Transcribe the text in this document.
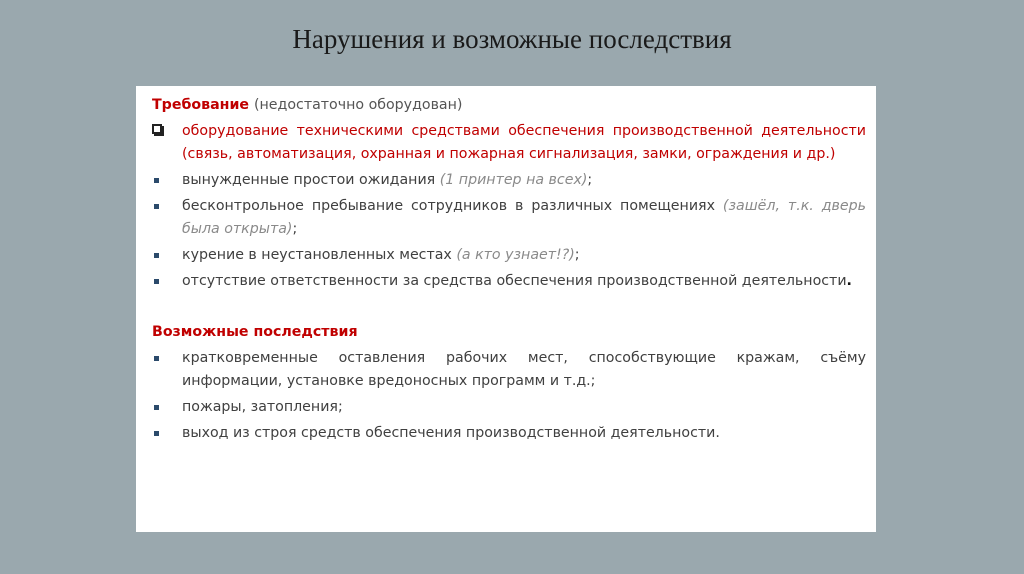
Нарушения и возможные последствия

Требование (недостаточно оборудован)

оборудование техническими средствами обеспечения производственной деятельности (связь, автоматизация, охранная и пожарная сигнализация, замки, ограждения и др.)
вынужденные простои ожидания (1 принтер на всех);
бесконтрольное пребывание сотрудников в различных помещениях (зашёл, т.к. дверь была открыта);
курение в неустановленных местах (а кто узнает!?);
отсутствие ответственности за средства обеспечения производственной деятельности.

Возможные последствия

кратковременные оставления рабочих мест, способствующие кражам, съёму информации, установке вредоносных программ и т.д.;
пожары, затопления;
выход из строя средств обеспечения производственной деятельности.
